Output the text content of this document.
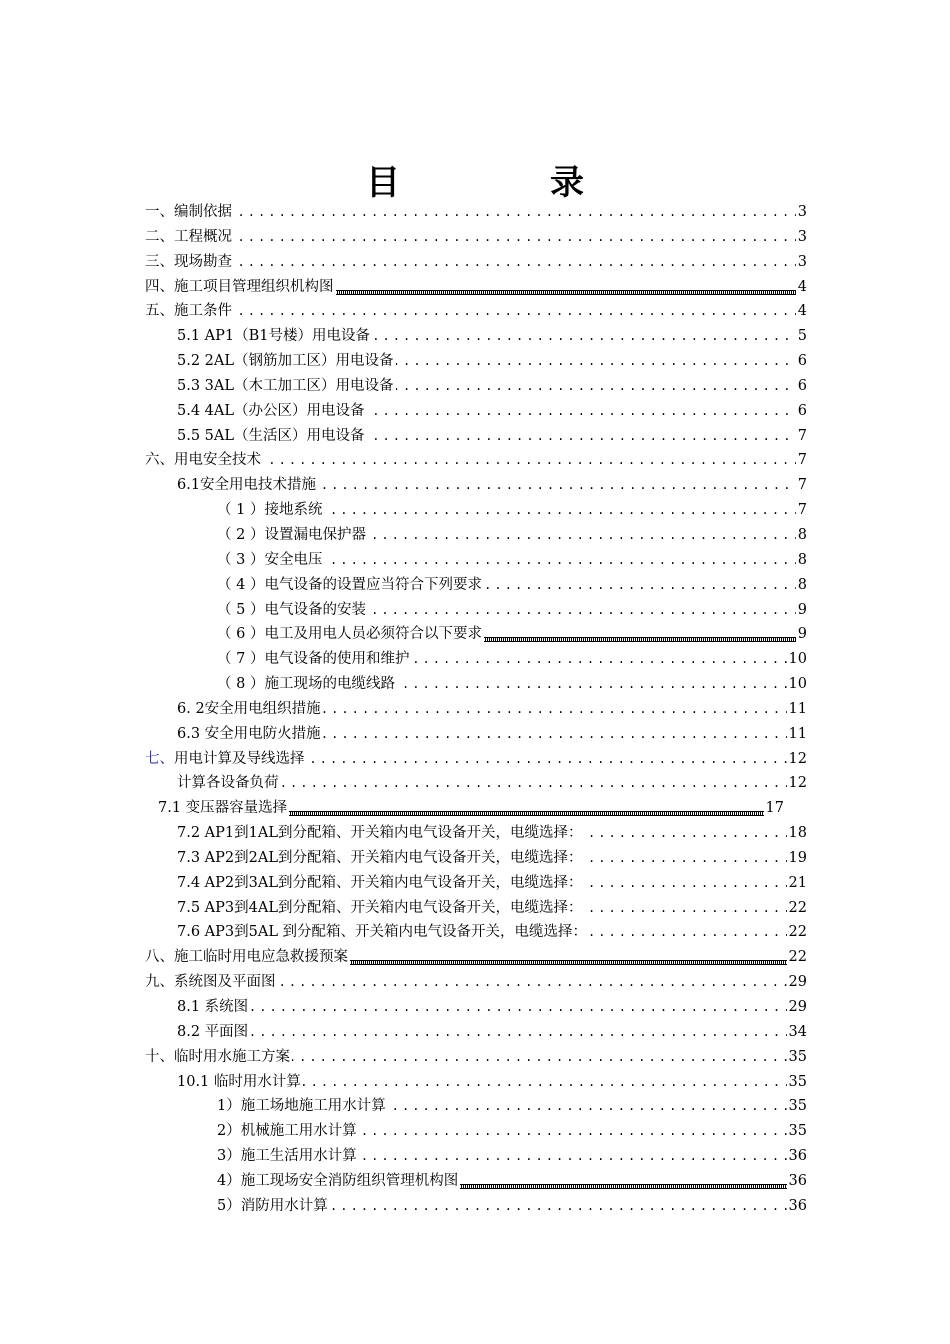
目	录
.....
一、编制依据	3
.....
二、工程概况	3
.....
三、现场勘查	3
四、施工项目管理组织机构图	4
.....
五、施工条件	4
.....
5.1 AP1（B1号楼）用电设备	5
.....
5.2 2AL（钢筋加工区）用电设备	6
.....
5.3 3AL（木工加工区）用电设备	6
.....
5.4 4AL（办公区）用电设备	6
.....
5.5 5AL（生活区）用电设备	7
.....
六、用电安全技术	7
.....
6.1安全用电技术措施	7
.....
（ 1 ）接地系统	7
.....
（ 2 ）设置漏电保护器	8
.....
（ 3 ）安全电压	8
.....
（ 4 ）电气设备的设置应当符合下列要求	8
.....
（ 5 ）电气设备的安装	9
（ 6 ）电工及用电人员必须符合以下要求	9
.....
（ 7 ）电气设备的使用和维护	10
.....
（ 8 ）施工现场的电缆线路	10
.....
6. 2安全用电组织措施	11
.....
6.3 安全用电防火措施	11
.....
七、用电计算及导线选择	12
.....
计算各设备负荷	12
7.1 变压器容量选择	17
.....
7.2 AP1到1AL到分配箱、开关箱内电气设备开关，电缆选择：	18
.....
7.3 AP2到2AL到分配箱、开关箱内电气设备开关，电缆选择：	19
.....
7.4 AP2到3AL到分配箱、开关箱内电气设备开关，电缆选择：	21
.....
7.5 AP3到4AL到分配箱、开关箱内电气设备开关，电缆选择：	22
.....
7.6 AP3到5AL 到分配箱、开关箱内电气设备开关，电缆选择：	22
八、施工临时用电应急救援预案	22
.....
九、系统图及平面图	29
.....
8.1 系统图	29
.....
8.2 平面图	34
.....
十、临时用水施工方案	35
.....
10.1 临时用水计算	35
.....
1）施工场地施工用水计算	35
.....
2）机械施工用水计算	35
.....
3）施工生活用水计算	36
4）施工现场安全消防组织管理机构图	36
.....
5）消防用水计算	36
